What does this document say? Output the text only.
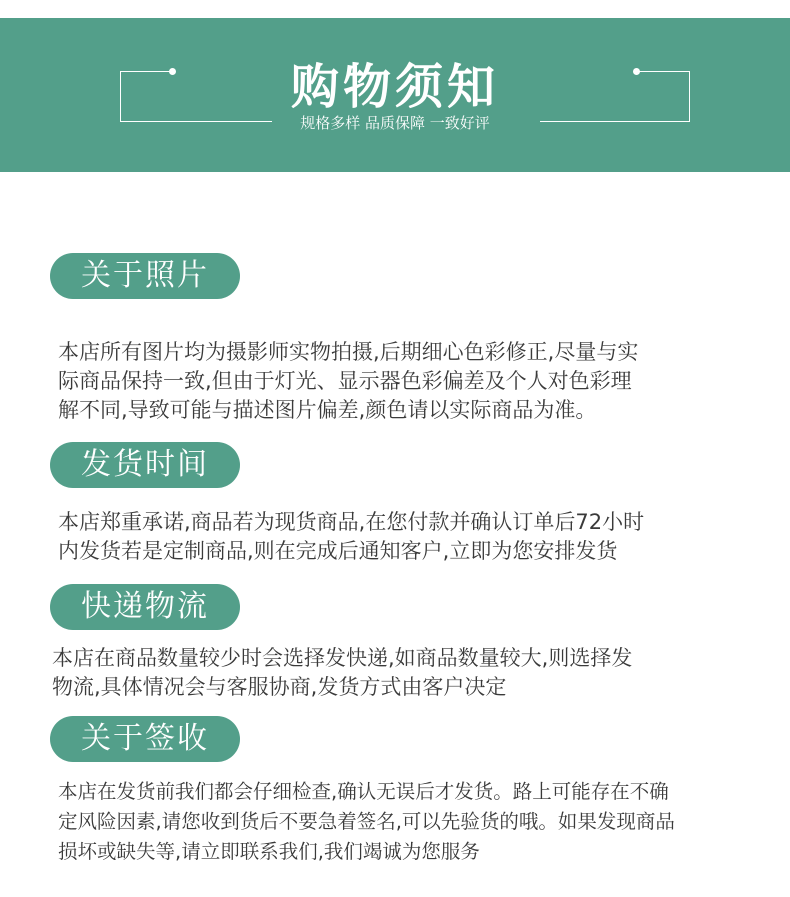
购物须知
规格多样 品质保障 一致好评
关于照片
本店所有图片均为摄影师实物拍摄,后期细心色彩修正,尽量与实
际商品保持一致,但由于灯光、显示器色彩偏差及个人对色彩理
解不同,导致可能与描述图片偏差,颜色请以实际商品为准。
发货时间
本店郑重承诺,商品若为现货商品,在您付款并确认订单后72小时
内发货若是定制商品,则在完成后通知客户,立即为您安排发货
快递物流
本店在商品数量较少时会选择发快递,如商品数量较大,则选择发
物流,具体情况会与客服协商,发货方式由客户决定
关于签收
本店在发货前我们都会仔细检查,确认无误后才发货。路上可能存在不确
定风险因素,请您收到货后不要急着签名,可以先验货的哦。如果发现商品
损坏或缺失等,请立即联系我们,我们竭诚为您服务
